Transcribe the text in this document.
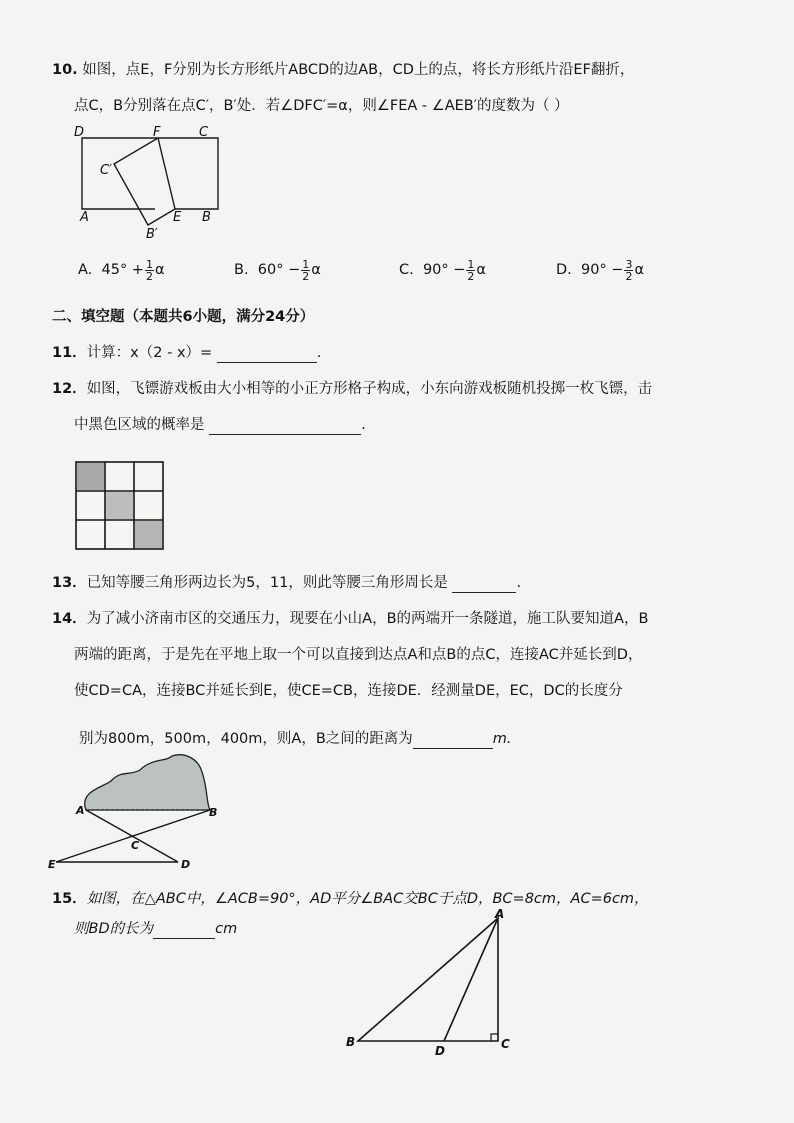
10. 如图，点E，F分别为长方形纸片ABCD的边AB，CD上的点，将长方形纸片沿EF翻折，
点C，B分别落在点C′，B′处．若∠DFC′=α，则∠FEA - ∠AEB′的度数为（ ）
D	F	C
C′
A	E B
B′
A. $45^\circ + \frac{1}{2}$ α	B. $60^\circ - \frac{1}{2}$ α	C. $90^\circ - \frac{1}{2}$ α	D. $90^\circ - \frac{3}{2}$ α
二、填空题（本题共6小题，满分24分）
11．计算：x（2 - x）=	.
12．如图，飞镖游戏板由大小相等的小正方形格子构成，小东向游戏板随机投掷一枚飞镖，击
中黑色区域的概率是	.
13．已知等腰三角形两边长为5，11，则此等腰三角形周长是	.
14．为了减小济南市区的交通压力，现要在小山A，B的两端开一条隧道，施工队要知道A，B
两端的距离，于是先在平地上取一个可以直接到达点A和点B的点C，连接AC并延长到D，
使CD=CA，连接BC并延长到E，使CE=CB，连接DE．经测量DE，EC，DC的长度分
别为800m，500m，400m，则A，B之间的距离为	m.
A	B
C
D
E
15．如图，在△ABC中，∠ACB=90°，AD平分∠BAC交BC于点D，BC=8cm，AC=6cm，
则BD的长为	cm
A
B	C
D
